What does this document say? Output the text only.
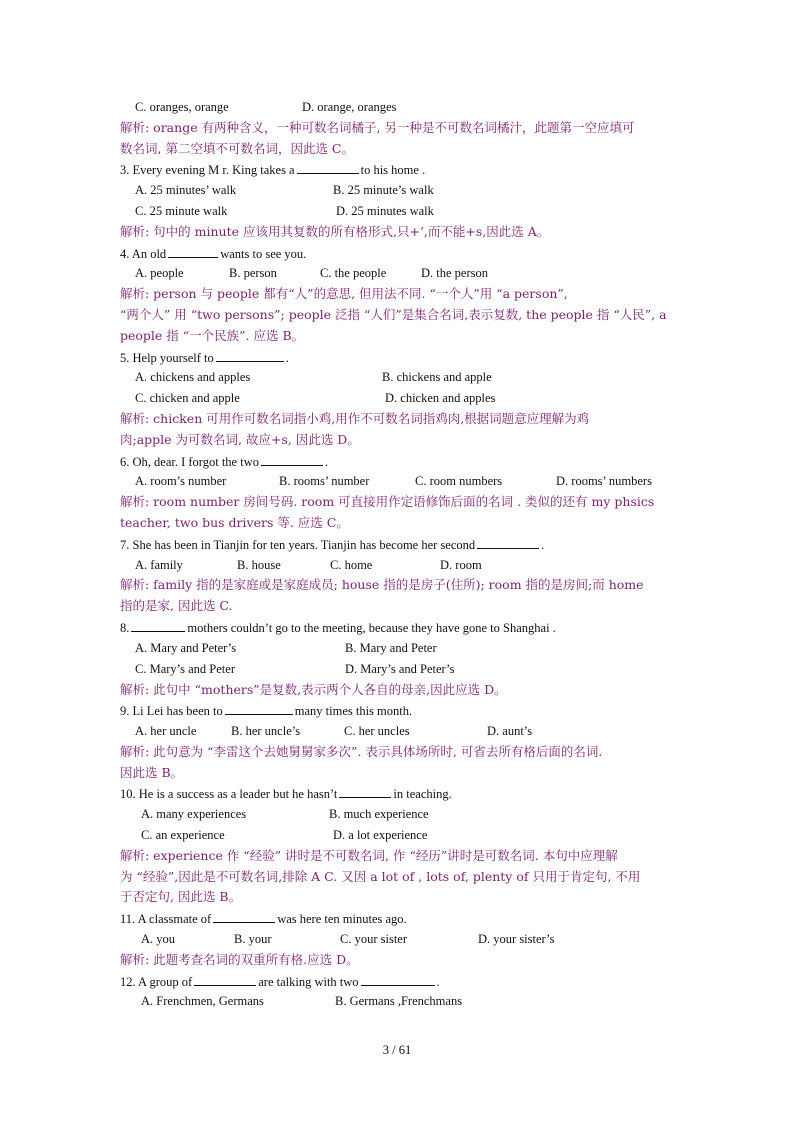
C. oranges, orange	D. orange, oranges
解析: orange 有两种含义，一种可数名词橘子, 另一种是不可数名词橘汁，此题第一空应填可
数名词, 第二空填不可数名词，因此选 C。
3. Every evening M r. King takes a	to his home .
A. 25 minutes’ walk	B. 25 minute’s walk
C. 25 minute walk	D. 25 minutes walk
解析: 句中的 minute 应该用其复数的所有格形式,只+’,而不能+s,因此选 A。
4. An old	wants to see you.
A. people	B. person	C. the people	D. the person
解析: person 与 people 都有“人”的意思, 但用法不同. “一个人”用 “a person”,
“两个人” 用 “two persons”; people 泛指 “人们”是集合名词,表示复数, the people 指 “人民”, a
people 指 “一个民族”. 应选 B。
5. Help yourself to	.
A. chickens and apples	B. chickens and apple
C. chicken and apple	D. chicken and apples
解析: chicken 可用作可数名词指小鸡,用作不可数名词指鸡肉,根据词题意应理解为鸡
肉;apple 为可数名词, 故应+s, 因此选 D。
6. Oh, dear. I forgot the two	.
A. room’s number	B. rooms’ number	C. room numbers	D. rooms’ numbers
解析: room number 房间号码. room 可直接用作定语修饰后面的名词 . 类似的还有 my phsics
teacher, two bus drivers 等. 应选 C。
7. She has been in Tianjin for ten years. Tianjin has become her second	.
A. family	B. house	C. home	D. room
解析: family 指的是家庭或是家庭成员; house 指的是房子(住所); room 指的是房间;而 home
指的是家, 因此选 C.
8.	mothers couldn’t go to the meeting, because they have gone to Shanghai .
A. Mary and Peter’s	B. Mary and Peter
C. Mary’s and Peter	D. Mary’s and Peter’s
解析: 此句中 “mothers”是复数,表示两个人各自的母亲,因此应选 D。
9. Li Lei has been to	many times this month.
A. her uncle	B. her uncle’s	C. her uncles	D. aunt’s
解析: 此句意为 “李雷这个去她舅舅家多次”. 表示具体场所时, 可省去所有格后面的名词.
因此选 B。
10. He is a success as a leader but he hasn’t	in teaching.
A. many experiences	B. much experience
C. an experience	D. a lot experience
解析: experience 作 “经验” 讲时是不可数名词, 作 “经历”讲时是可数名词. 本句中应理解
为 “经验”,因此是不可数名词,排除 A C. 又因 a lot of , lots of, plenty of 只用于肯定句, 不用
于否定句, 因此选 B。
11. A classmate of	was here ten minutes ago.
A. you	B. your	C. your sister	D. your sister’s
解析: 此题考查名词的双重所有格.应选 D。
12. A group of	are talking with two	.
A. Frenchmen, Germans	B. Germans ,Frenchmans
3 / 61
